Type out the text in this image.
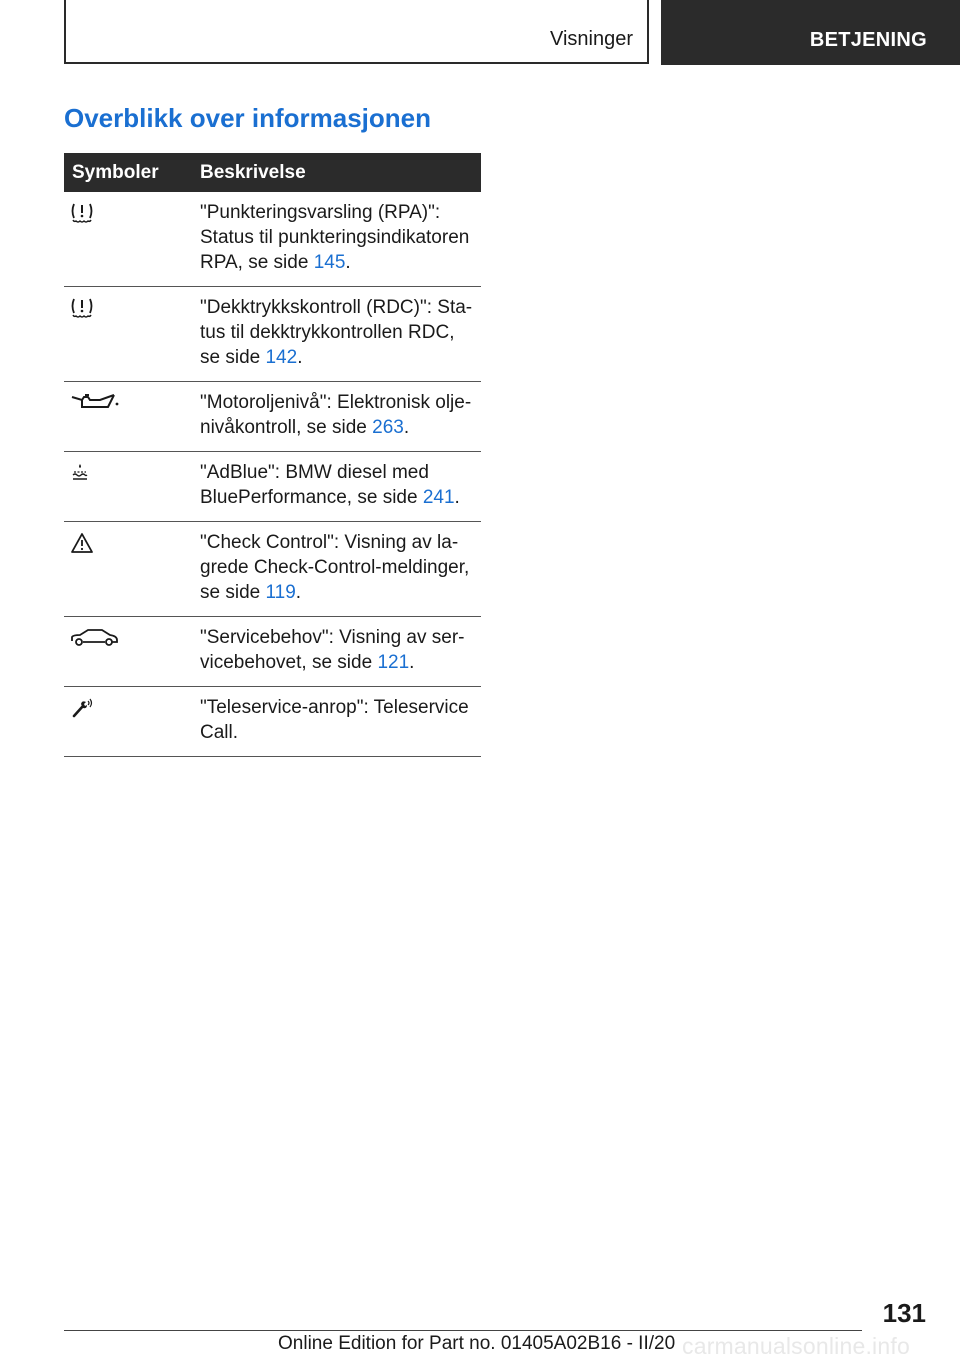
Visninger	BETJENING
Overblikk over informasjonen
Symboler	Beskrivelse

	"Punkteringsvarsling (RPA)":
Status til punkteringsindikatoren
RPA, se side 145.

	"Dekktrykkskontroll (RDC)": Sta-
tus til dekktrykkontrollen RDC,
se side 142.

	"Motoroljenivå": Elektronisk olje-
nivåkontroll, se side 263.

	"AdBlue": BMW diesel med
BluePerformance, se side 241.

	"Check Control": Visning av la-
grede Check-Control-meldinger,
se side 119.

	"Servicebehov": Visning av ser-
vicebehovet, se side 121.

	"Teleservice-anrop": Teleservice
Call.
131
Online Edition for Part no. 01405A02B16 - II/20 carmanualsonline.info
